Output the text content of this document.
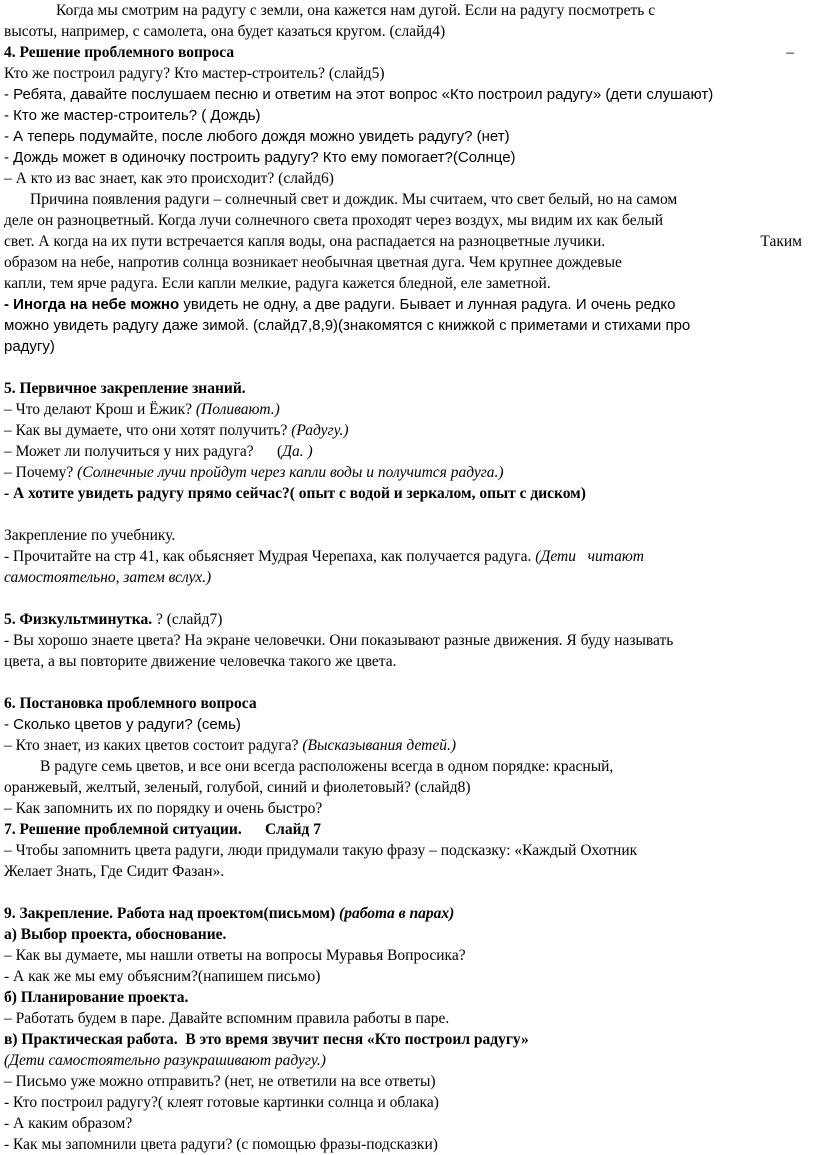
Когда мы смотрим на радугу с земли, она кажется нам дугой. Если на радугу посмотреть с

высоты, например, с самолета, она будет казаться кругом. (слайд4)

4. Решение проблемного вопроса	–

Кто же построил радугу? Кто мастер-строитель? (слайд5)

- Ребята, давайте послушаем песню и ответим на этот вопрос «Кто построил радугу» (дети слушают)

- Кто же мастер-строитель? ( Дождь)

- А теперь подумайте, после любого дождя можно увидеть радугу? (нет)

- Дождь может в одиночку построить радугу? Кто ему помогает?(Солнце)

– А кто из вас знает, как это происходит? (слайд6)

Причина появления радуги – солнечный свет и дождик. Мы считаем, что свет белый, но на самом

деле он разноцветный. Когда лучи солнечного света проходят через воздух, мы видим их как белый

свет. А когда на их пути встречается капля воды, она распадается на разноцветные лучики.	Таким

образом на небе, напротив солнца возникает необычная цветная дуга. Чем крупнее дождевые

капли, тем ярче радуга. Если капли мелкие, радуга кажется бледной, еле заметной.

- Иногда на небе можно увидеть не одну, а две радуги. Бывает и лунная радуга. И очень редко

можно увидеть радугу даже зимой. (слайд7,8,9)(знакомятся с книжкой с приметами и стихами про

радугу)

5. Первичное закрепление знаний.

– Что делают Крош и Ёжик? (Поливают.)

– Как вы думаете, что они хотят получить? (Радугу.)

– Может ли получиться у них радуга?      (Да. )

– Почему? (Солнечные лучи пройдут через капли воды и получится радуга.)

- А хотите увидеть радугу прямо сейчас?( опыт с водой и зеркалом, опыт с диском)

Закрепление по учебнику.

- Прочитайте на стр 41, как обьясняет Мудрая Черепаха, как получается радуга. (Дети   читают

самостоятельно, затем вслух.)

5. Физкультминутка. ? (слайд7)

- Вы хорошо знаете цвета? На экране человечки. Они показывают разные движения. Я буду называть

цвета, а вы повторите движение человечка такого же цвета.

6. Постановка проблемного вопроса

- Сколько цветов у радуги? (семь)

– Кто знает, из каких цветов состоит радуга? (Высказывания детей.)

В радуге семь цветов, и все они всегда расположены всегда в одном порядке: красный,

оранжевый, желтый, зеленый, голубой, синий и фиолетовый? (слайд8)

– Как запомнить их по порядку и очень быстро?

7. Решение проблемной ситуации.      Слайд 7

– Чтобы запомнить цвета радуги, люди придумали такую фразу – подсказку: «Каждый Охотник

Желает Знать, Где Сидит Фазан».

9. Закрепление. Работа над проектом(письмом) (работа в парах)

а) Выбор проекта, обоснование.

– Как вы думаете, мы нашли ответы на вопросы Муравья Вопросика?

- А как же мы ему объясним?(напишем письмо)

б) Планирование проекта.

– Работать будем в паре. Давайте вспомним правила работы в паре.

в) Практическая работа.  В это время звучит песня «Кто построил радугу»

(Дети самостоятельно разукрашивают радугу.)

– Письмо уже можно отправить? (нет, не ответили на все ответы)

- Кто построил радугу?( клеят готовые картинки солнца и облака)

- А каким образом?

- Как мы запомнили цвета радуги? (с помощью фразы-подсказки)
